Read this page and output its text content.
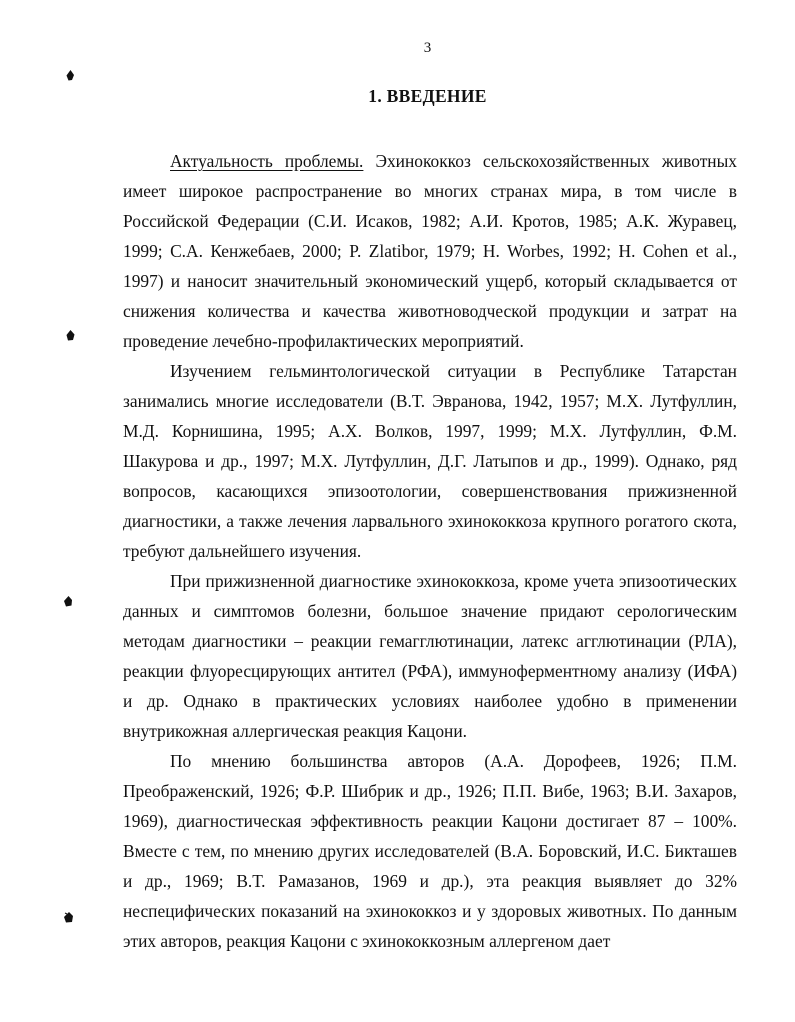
3
1. ВВЕДЕНИЕ

Актуальность проблемы. Эхинококкоз сельскохозяйственных животных имеет широкое распространение во многих странах мира, в том числе в Российской Федерации (С.И. Исаков, 1982; А.И. Кротов, 1985; А.К. Журавец, 1999; С.А. Кенжебаев, 2000; P. Zlatibor, 1979; H. Worbes, 1992; H. Cohen et al., 1997) и наносит значительный экономический ущерб, который складывается от снижения количества и качества животноводческой продукции и затрат на проведение лечебно-профилактических мероприятий.

Изучением гельминтологической ситуации в Республике Татарстан занимались многие исследователи (В.Т. Эвранова, 1942, 1957; М.Х. Лутфуллин, М.Д. Корнишина, 1995; А.Х. Волков, 1997, 1999; М.Х. Лутфуллин, Ф.М. Шакурова и др., 1997; М.Х. Лутфуллин, Д.Г. Латыпов и др., 1999). Однако, ряд вопросов, касающихся эпизоотологии, совершенствования прижизненной диагностики, а также лечения ларвального эхинококкоза крупного рогатого скота, требуют дальнейшего изучения.

При прижизненной диагностике эхинококкоза, кроме учета эпизоотических данных и симптомов болезни, большое значение придают серологическим методам диагностики – реакции гемагглютинации, латекс агглютинации (РЛА), реакции флуоресцирующих антител (РФА), иммуноферментному анализу (ИФА) и др. Однако в практических условиях наиболее удобно в применении внутрикожная аллергическая реакция Кацони.

По мнению большинства авторов (А.А. Дорофеев, 1926; П.М. Преображенский, 1926; Ф.Р. Шибрик и др., 1926; П.П. Вибе, 1963; В.И. Захаров, 1969), диагностическая эффективность реакции Кацони достигает 87 – 100%. Вместе с тем, по мнению других исследователей (В.А. Боровский, И.С. Бикташев и др., 1969; В.Т. Рамазанов, 1969 и др.), эта реакция выявляет до 32% неспецифических показаний на эхинококкоз и у здоровых животных. По данным этих авторов, реакция Кацони с эхинококкозным аллергеном дает
